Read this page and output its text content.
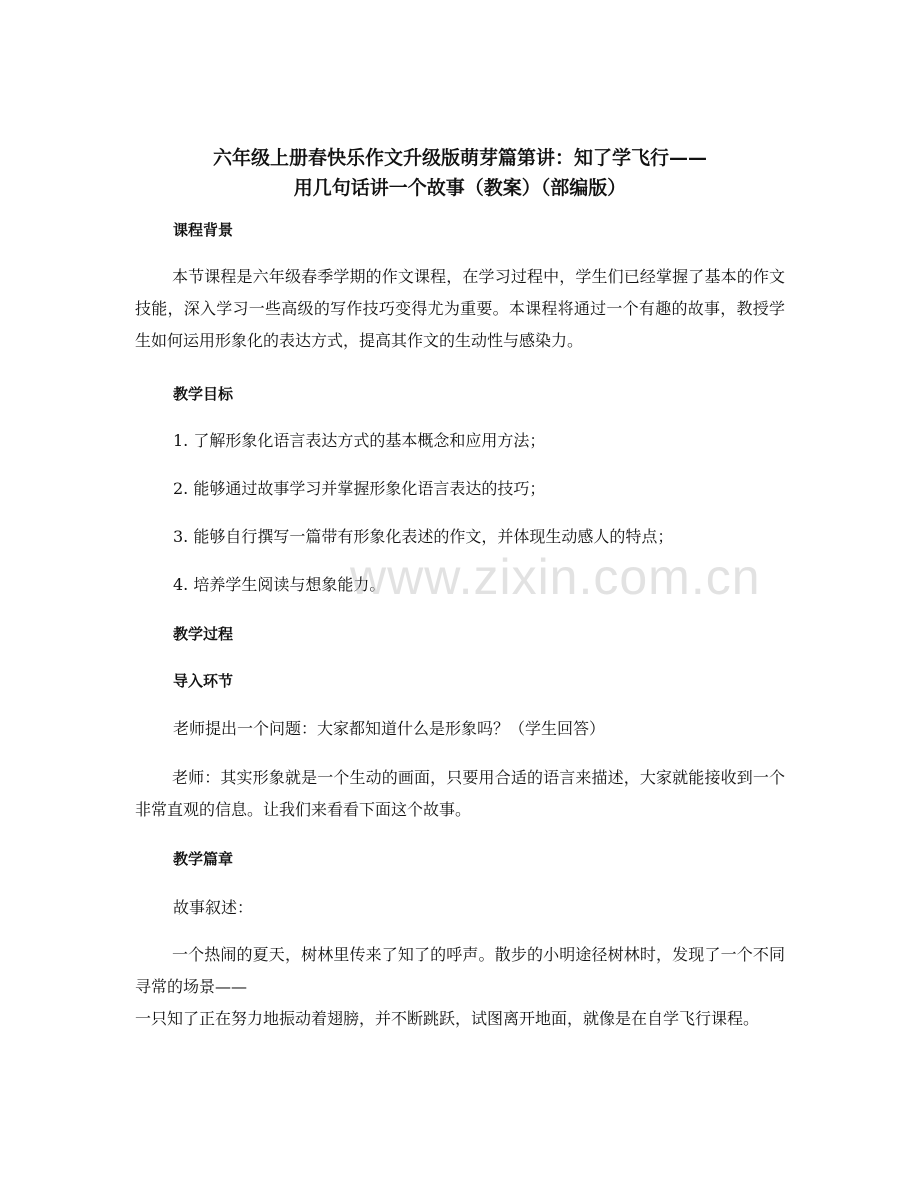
六年级上册春快乐作文升级版萌芽篇第讲：知了学飞行——
用几句话讲一个故事（教案）（部编版）
课程背景
本节课程是六年级春季学期的作文课程，在学习过程中，学生们已经掌握了基本的作文技能，深入学习一些高级的写作技巧变得尤为重要。本课程将通过一个有趣的故事，教授学生如何运用形象化的表达方式，提高其作文的生动性与感染力。
教学目标
1. 了解形象化语言表达方式的基本概念和应用方法；
2. 能够通过故事学习并掌握形象化语言表达的技巧；
3. 能够自行撰写一篇带有形象化表述的作文，并体现生动感人的特点；
4. 培养学生阅读与想象能力。
教学过程
导入环节
老师提出一个问题：大家都知道什么是形象吗？（学生回答）
老师：其实形象就是一个生动的画面，只要用合适的语言来描述，大家就能接收到一个非常直观的信息。让我们来看看下面这个故事。
教学篇章
故事叙述：
一个热闹的夏天，树林里传来了知了的呼声。散步的小明途径树林时，发现了一个不同寻常的场景——
一只知了正在努力地振动着翅膀，并不断跳跃，试图离开地面，就像是在自学飞行课程。
www.zixin.com.cn
